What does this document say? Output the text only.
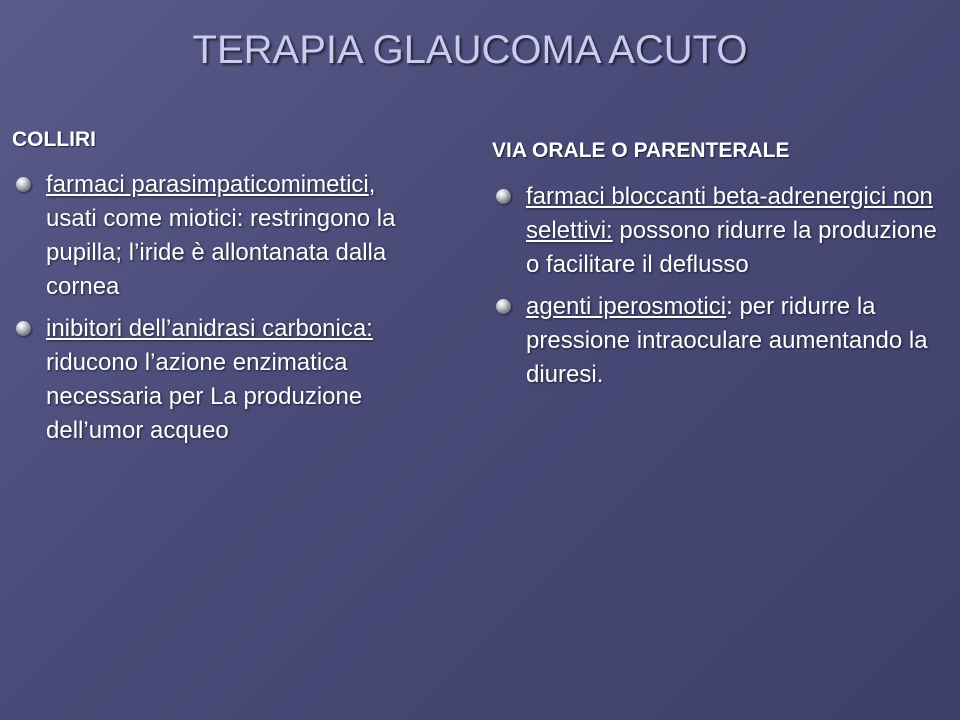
TERAPIA GLAUCOMA ACUTO
COLLIRI
farmaci parasimpaticomimetici, usati come miotici: restringono la pupilla; l’iride è allontanata dalla cornea
inibitori dell’anidrasi carbonica: riducono l’azione enzimatica necessaria per La produzione dell’umor acqueo
VIA ORALE O PARENTERALE
farmaci bloccanti beta-adrenergici non selettivi: possono ridurre la produzione o facilitare il deflusso
agenti iperosmotici: per ridurre la pressione intraoculare aumentando la diuresi.
